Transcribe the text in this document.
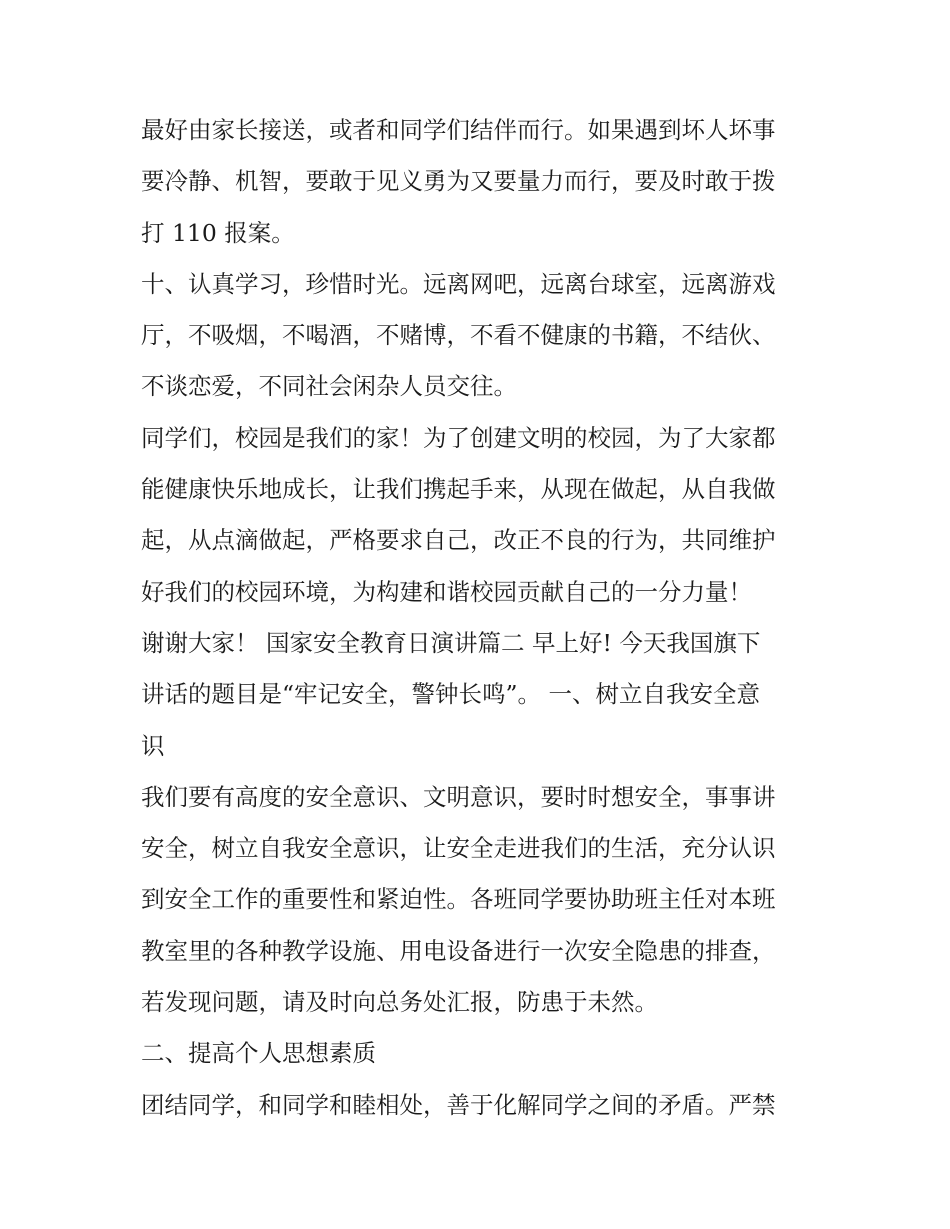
最好由家长接送，或者和同学们结伴而行。如果遇到坏人坏事
要冷静、机智，要敢于见义勇为又要量力而行，要及时敢于拨
打 110 报案。
十、认真学习，珍惜时光。远离网吧，远离台球室，远离游戏
厅，不吸烟，不喝酒，不赌博，不看不健康的书籍，不结伙、
不谈恋爱，不同社会闲杂人员交往。
同学们，校园是我们的家！为了创建文明的校园，为了大家都
能健康快乐地成长，让我们携起手来，从现在做起，从自我做
起，从点滴做起，严格要求自己，改正不良的行为，共同维护
好我们的校园环境，为构建和谐校园贡献自己的一分力量！
谢谢大家！ 国家安全教育日演讲篇二 早上好! 今天我国旗下
讲话的题目是“牢记安全，警钟长鸣”。 一、树立自我安全意
识
我们要有高度的安全意识、文明意识，要时时想安全，事事讲
安全，树立自我安全意识，让安全走进我们的生活，充分认识
到安全工作的重要性和紧迫性。各班同学要协助班主任对本班
教室里的各种教学设施、用电设备进行一次安全隐患的排查，
若发现问题，请及时向总务处汇报，防患于未然。
二、提高个人思想素质
团结同学，和同学和睦相处，善于化解同学之间的矛盾。严禁
